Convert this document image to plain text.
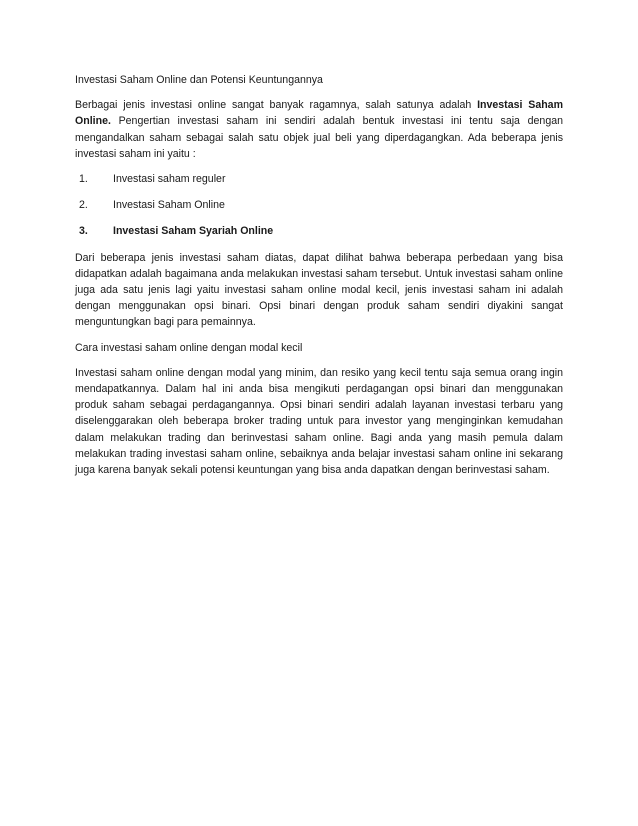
Investasi Saham Online dan Potensi Keuntungannya

Berbagai jenis investasi online sangat banyak ragamnya, salah satunya adalah Investasi Saham Online. Pengertian investasi saham ini sendiri adalah bentuk investasi ini tentu saja dengan mengandalkan saham sebagai salah satu objek jual beli yang diperdagangkan. Ada beberapa jenis investasi saham ini yaitu :

1. Investasi saham reguler
2. Investasi Saham Online
3. Investasi Saham Syariah Online

Dari beberapa jenis investasi saham diatas, dapat dilihat bahwa beberapa perbedaan yang bisa didapatkan adalah bagaimana anda melakukan investasi saham tersebut. Untuk investasi saham online juga ada satu jenis lagi yaitu investasi saham online modal kecil, jenis investasi saham ini adalah dengan menggunakan opsi binari. Opsi binari dengan produk saham sendiri diyakini sangat menguntungkan bagi para pemainnya.

Cara investasi saham online dengan modal kecil

Investasi saham online dengan modal yang minim, dan resiko yang kecil tentu saja semua orang ingin mendapatkannya. Dalam hal ini anda bisa mengikuti perdagangan opsi binari dan menggunakan produk saham sebagai perdagangannya. Opsi binari sendiri adalah layanan investasi terbaru yang diselenggarakan oleh beberapa broker trading untuk para investor yang menginginkan kemudahan dalam melakukan trading dan berinvestasi saham online. Bagi anda yang masih pemula dalam melakukan trading investasi saham online, sebaiknya anda belajar investasi saham online ini sekarang juga karena banyak sekali potensi keuntungan yang bisa anda dapatkan dengan berinvestasi saham.
